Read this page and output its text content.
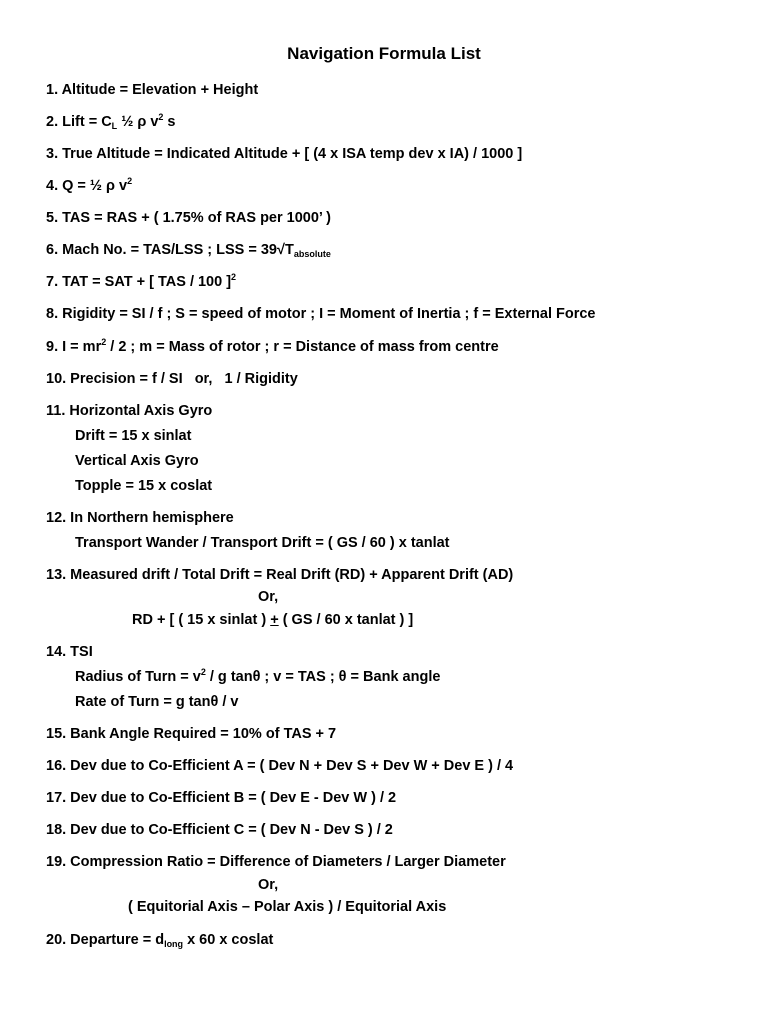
Navigation Formula List
1. Altitude = Elevation + Height
2. Lift = $C_L$ ½ ρ $v^2$ s
3. True Altitude = Indicated Altitude + [ (4 x ISA temp dev x IA) / 1000 ]
4. Q = ½ ρ $v^2$
5. TAS = RAS + ( 1.75% of RAS per 1000’ )
6. Mach No. = TAS/LSS ; LSS = $39√T_{absolute}$
7. TAT = SAT + [ TAS / 100 ]$^2$
8. Rigidity = SI / f ; S = speed of motor ; I = Moment of Inertia ; f = External Force
9. $I = mr^2 / 2$ ; m = Mass of rotor ; r = Distance of mass from centre
10. Precision = f / SI   or,   1 / Rigidity
11. Horizontal Axis Gyro
Drift = 15 x sinlat
Vertical Axis Gyro
Topple = 15 x coslat
12. In Northern hemisphere
Transport Wander / Transport Drift = ( GS / 60 ) x tanlat
13. Measured drift / Total Drift = Real Drift (RD) + Apparent Drift (AD)
Or,
RD + [ ( 15 x sinlat ) + ( GS / 60 x tanlat ) ]
14. TSI
Radius of Turn = $v^2$ / g tanθ ; v = TAS ; θ = Bank angle
Rate of Turn = g tanθ / v
15. Bank Angle Required = 10% of TAS + 7
16. Dev due to Co-Efficient A = ( Dev N + Dev S + Dev W + Dev E ) / 4
17. Dev due to Co-Efficient B = ( Dev E - Dev W ) / 2
18. Dev due to Co-Efficient C = ( Dev N - Dev S ) / 2
19. Compression Ratio = Difference of Diameters / Larger Diameter
Or,
( Equitorial Axis – Polar Axis ) / Equitorial Axis
20. Departure = $d_{long}$ x 60 x coslat
